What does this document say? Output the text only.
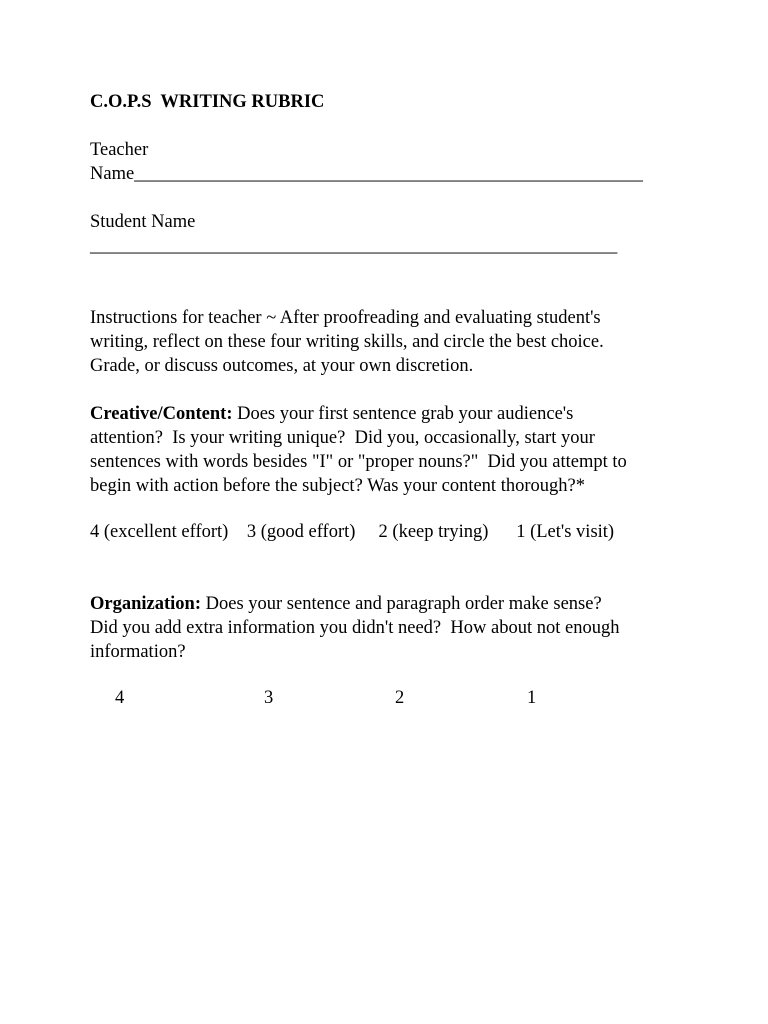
C.O.P.S  WRITING RUBRIC
Teacher
Name_______________________________________________________
Student Name
_________________________________________________________

Instructions for teacher ~ After proofreading and evaluating student's

writing, reflect on these four writing skills, and circle the best choice.

Grade, or discuss outcomes, at your own discretion.

Creative/Content: Does your first sentence grab your audience's

attention?  Is your writing unique?  Did you, occasionally, start your

sentences with words besides "I" or "proper nouns?"  Did you attempt to

begin with action before the subject? Was your content thorough?*

4 (excellent effort)    3 (good effort)     2 (keep trying)      1 (Let's visit)

Organization: Does your sentence and paragraph order make sense?

Did you add extra information you didn't need?  How about not enough

information?

4	3	2	1
